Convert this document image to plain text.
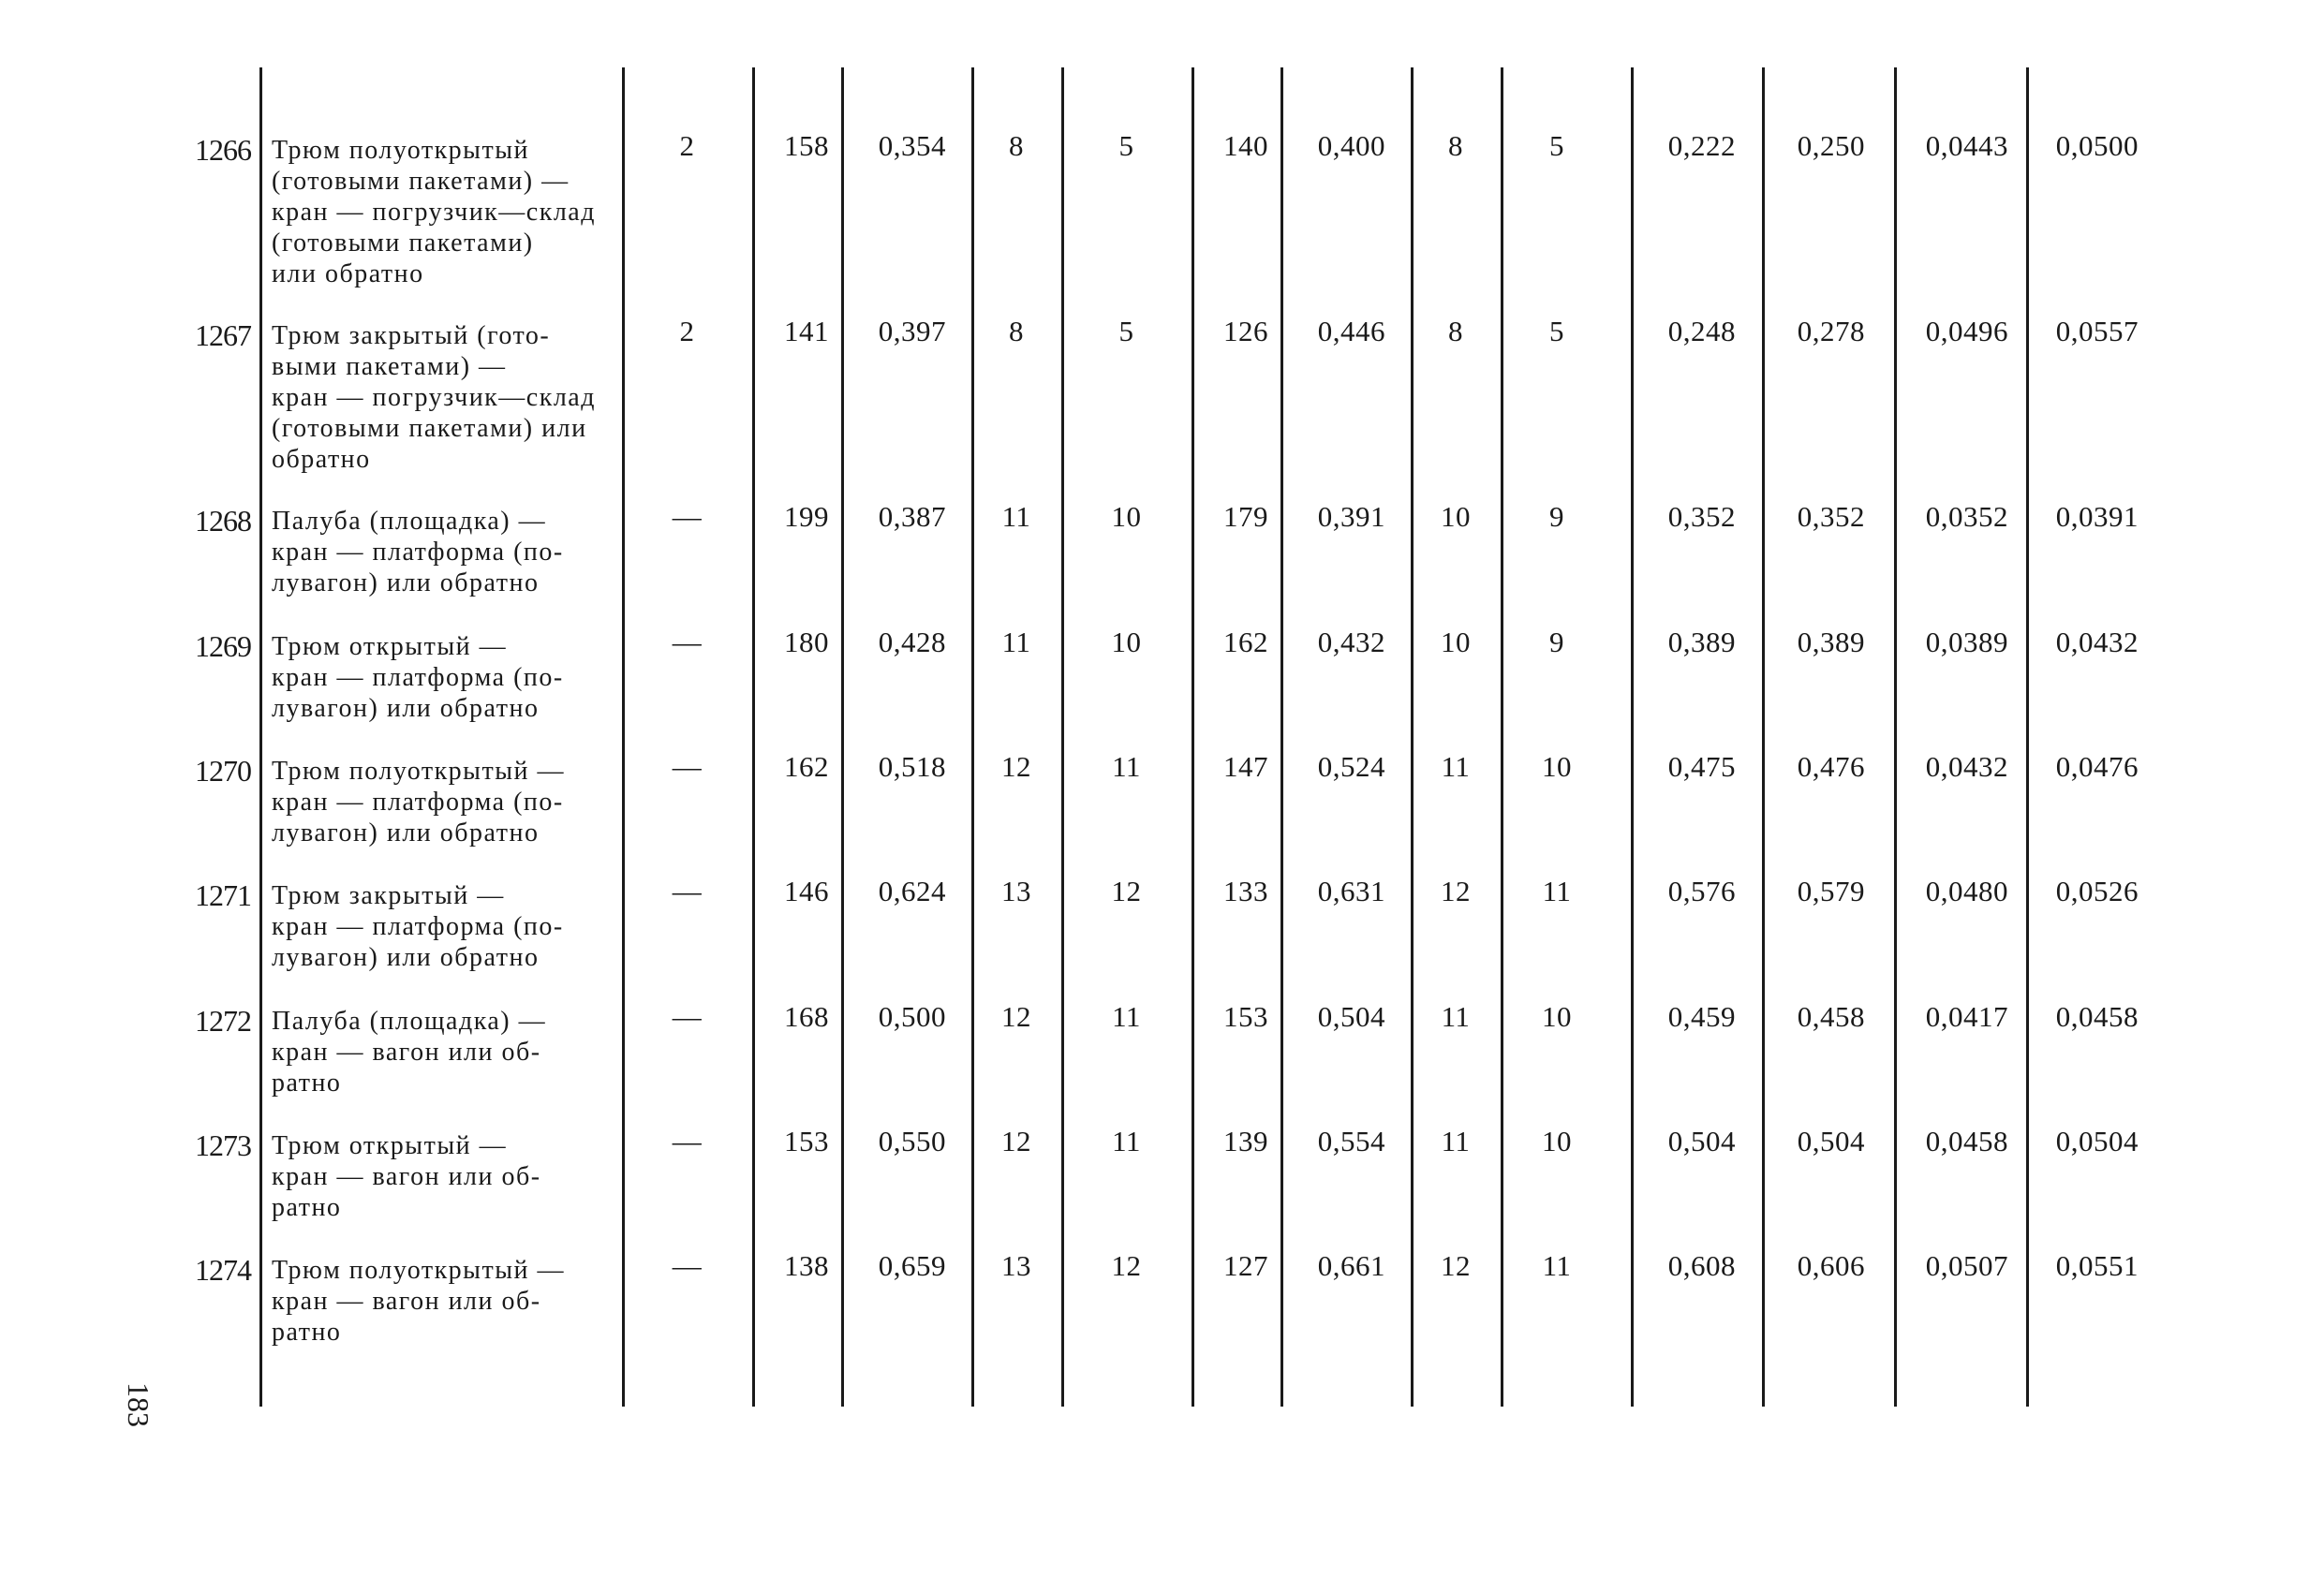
1266 Трюм полуоткрытый
(готовыми пакетами) —
кран — погрузчик—склад
(готовыми пакетами)
или обратно
2	158	0,354	8	5	140	0,400	8	5	0,222	0,250	0,0443	0,0500
1267 Трюм закрытый (гото-
выми пакетами) —
кран — погрузчик—склад
(готовыми пакетами) или
обратно
2	141	0,397	8	5	126	0,446	8	5	0,248	0,278	0,0496	0,0557
1268 Палуба (площадка) —
кран — платформа (по-
лувагон) или обратно
—	199	0,387	11	10	179	0,391	10	9	0,352	0,352	0,0352	0,0391
1269 Трюм открытый —
кран — платформа (по-
лувагон) или обратно
—	180	0,428	11	10	162	0,432	10	9	0,389	0,389	0,0389	0,0432
1270 Трюм полуоткрытый —
кран — платформа (по-
лувагон) или обратно
—	162	0,518	12	11	147	0,524	11	10	0,475	0,476	0,0432	0,0476
1271 Трюм закрытый —
кран — платформа (по-
лувагон) или обратно
—	146	0,624	13	12	133	0,631	12	11	0,576	0,579	0,0480	0,0526
1272 Палуба (площадка) —
кран — вагон или об-
ратно
—	168	0,500	12	11	153	0,504	11	10	0,459	0,458	0,0417	0,0458
1273 Трюм открытый —
кран — вагон или об-
ратно
—	153	0,550	12	11	139	0,554	11	10	0,504	0,504	0,0458	0,0504
1274 Трюм полуоткрытый —
кран — вагон или об-
ратно
—	138	0,659	13	12	127	0,661	12	11	0,608	0,606	0,0507	0,0551
183
